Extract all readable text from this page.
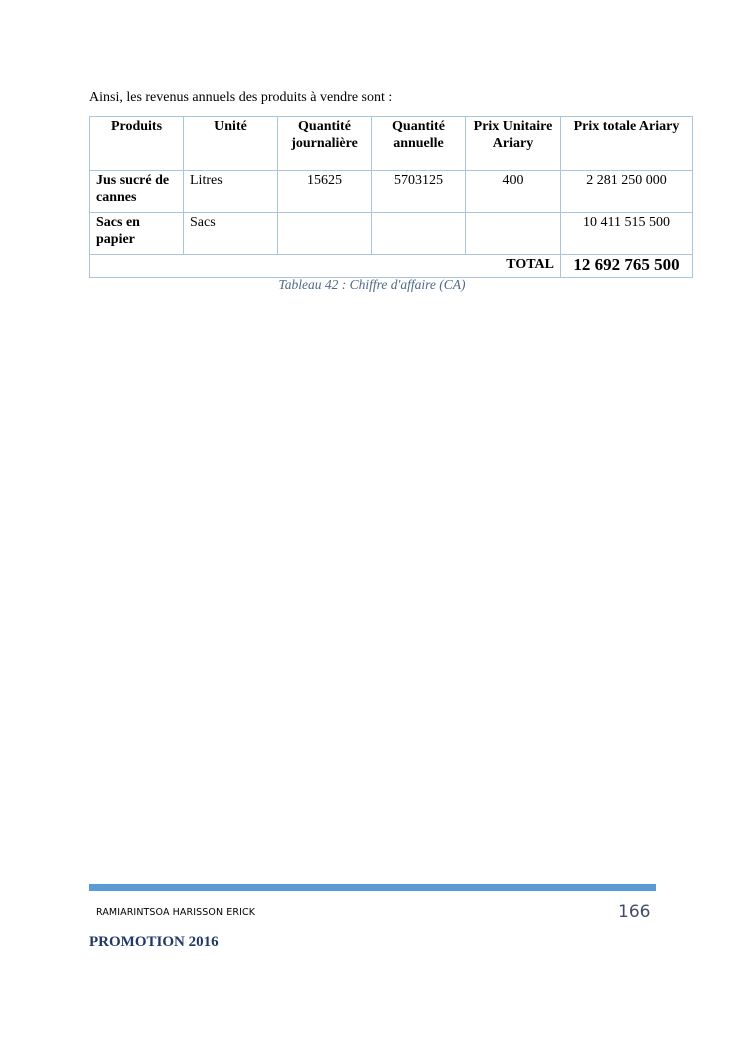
Ainsi, les revenus annuels des produits à vendre sont :
Produits	Unité	Quantité journalière	Quantité annuelle	Prix Unitaire Ariary	Prix totale Ariary
Jus sucré de cannes	Litres	15625	5703125	400	2 281 250 000
Sacs en papier	Sacs				10 411 515 500
TOTAL					12 692 765 500
Tableau 42 : Chiffre d'affaire (CA)
RAMIARINTSOA HARISSON ERICK	166
PROMOTION 2016
